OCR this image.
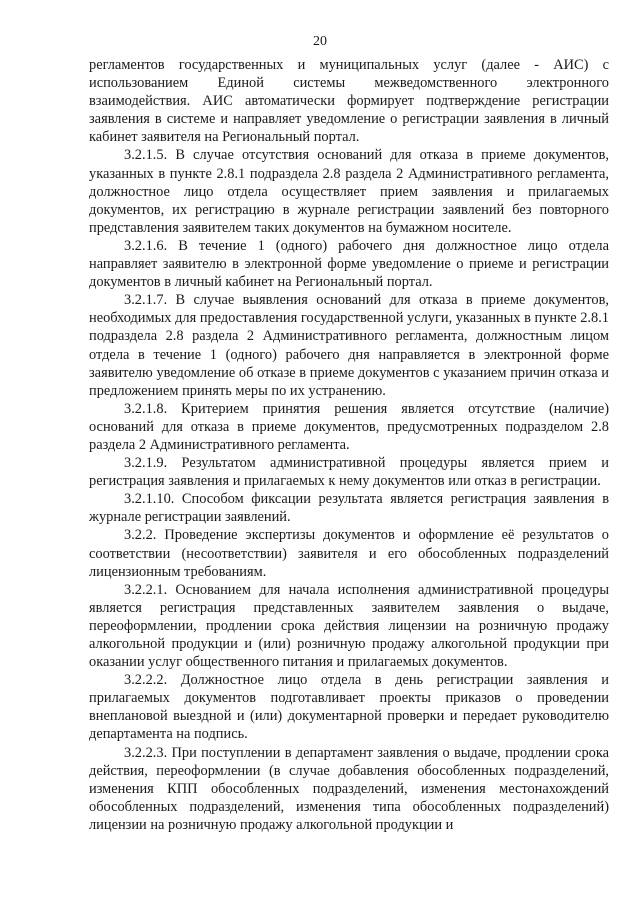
20

регламентов государственных и муниципальных услуг (далее - АИС) с использованием Единой системы межведомственного электронного взаимодействия. АИС автоматически формирует подтверждение регистрации заявления в системе и направляет уведомление о регистрации заявления в личный кабинет заявителя на Региональный портал.

3.2.1.5. В случае отсутствия оснований для отказа в приеме документов, указанных в пункте 2.8.1 подраздела 2.8 раздела 2 Административного регламента, должностное лицо отдела осуществляет прием заявления и прилагаемых документов, их регистрацию в журнале регистрации заявлений без повторного представления заявителем таких документов на бумажном носителе.

3.2.1.6. В течение 1 (одного) рабочего дня должностное лицо отдела направляет заявителю в электронной форме уведомление о приеме и регистрации документов в личный кабинет на Региональный портал.

3.2.1.7. В случае выявления оснований для отказа в приеме документов, необходимых для предоставления государственной услуги, указанных в пункте 2.8.1 подраздела 2.8 раздела 2 Административного регламента, должностным лицом отдела в течение 1 (одного) рабочего дня направляется в электронной форме заявителю уведомление об отказе в приеме документов с указанием причин отказа и предложением принять меры по их устранению.

3.2.1.8. Критерием принятия решения является отсутствие (наличие) оснований для отказа в приеме документов, предусмотренных подразделом 2.8 раздела 2 Административного регламента.

3.2.1.9. Результатом административной процедуры является прием и регистрация заявления и прилагаемых к нему документов или отказ в регистрации.

3.2.1.10. Способом фиксации результата является регистрация заявления в журнале регистрации заявлений.

3.2.2. Проведение экспертизы документов и оформление её результатов о соответствии (несоответствии) заявителя и его обособленных подразделений лицензионным требованиям.

3.2.2.1. Основанием для начала исполнения административной процедуры является регистрация представленных заявителем заявления о выдаче, переоформлении, продлении срока действия лицензии на розничную продажу алкогольной продукции и (или) розничную продажу алкогольной продукции при оказании услуг общественного питания и прилагаемых документов.

3.2.2.2. Должностное лицо отдела в день регистрации заявления и прилагаемых документов подготавливает проекты приказов о проведении внеплановой выездной и (или) документарной проверки и передает руководителю департамента на подпись.

3.2.2.3. При поступлении в департамент заявления о выдаче, продлении срока действия, переоформлении (в случае добавления обособленных подразделений, изменения КПП обособленных подразделений, изменения местонахождений обособленных подразделений, изменения типа обособленных подразделений) лицензии на розничную продажу алкогольной продукции и
